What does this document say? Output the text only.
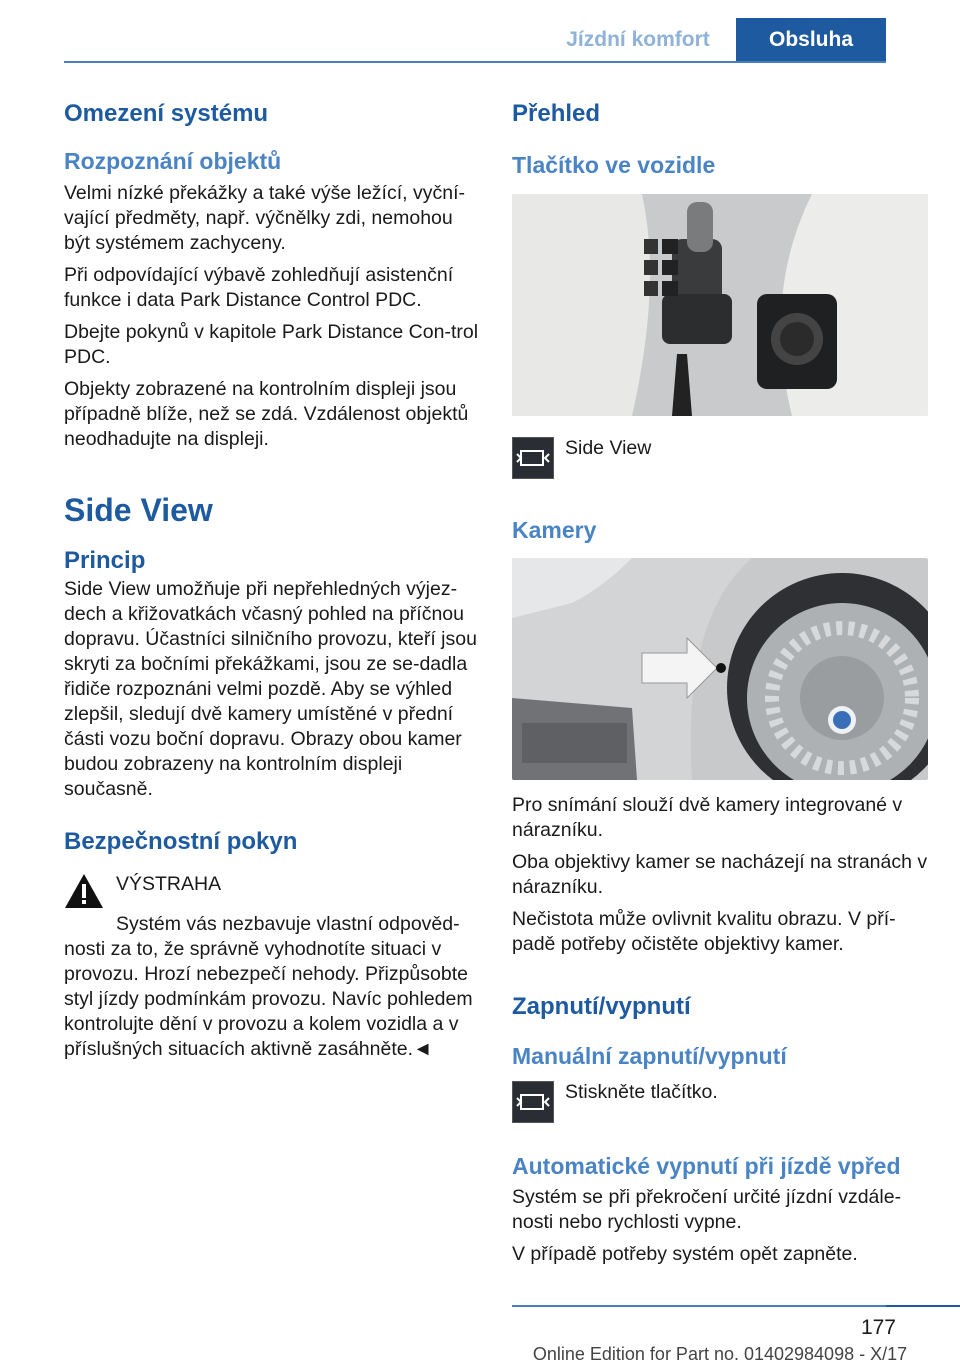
Jízdní komfort	Obsluha
Omezení systému
Rozpoznání objektů

Velmi nízké překážky a také výše ležící, vyční-vající předměty, např. výčnělky zdi, nemohou být systémem zachyceny.

Při odpovídající výbavě zohledňují asistenční funkce i data Park Distance Control PDC.

Dbejte pokynů v kapitole Park Distance Con-trol PDC.

Objekty zobrazené na kontrolním displeji jsou případně blíže, než se zdá. Vzdálenost objektů neodhadujte na displeji.

Side View
Princip

Side View umožňuje při nepřehledných výjez-dech a křižovatkách včasný pohled na příčnou dopravu. Účastníci silničního provozu, kteří jsou skryti za bočními překážkami, jsou ze se-dadla řidiče rozpoznáni velmi pozdě. Aby se výhled zlepšil, sledují dvě kamery umístěné v přední části vozu boční dopravu. Obrazy obou kamer budou zobrazeny na kontrolním displeji současně.

Bezpečnostní pokyn
VÝSTRAHA

Systém vás nezbavuje vlastní odpověd-nosti za to, že správně vyhodnotíte situaci v provozu. Hrozí nebezpečí nehody. Přizpůsobte styl jízdy podmínkám provozu. Navíc pohledem kontrolujte dění v provozu a kolem vozidla a v příslušných situacích aktivně zasáhněte.◄

Přehled
Tlačítko ve vozidle
Side View
Kamery

Pro snímání slouží dvě kamery integrované v nárazníku.

Oba objektivy kamer se nacházejí na stranách v nárazníku.

Nečistota může ovlivnit kvalitu obrazu. V pří-padě potřeby očistěte objektivy kamer.

Zapnutí/vypnutí
Manuální zapnutí/vypnutí
Stiskněte tlačítko.
Automatické vypnutí při jízdě vpřed

Systém se při překročení určité jízdní vzdále-nosti nebo rychlosti vypne.

V případě potřeby systém opět zapněte.

177
Online Edition for Part no. 01402984098 - X/17
